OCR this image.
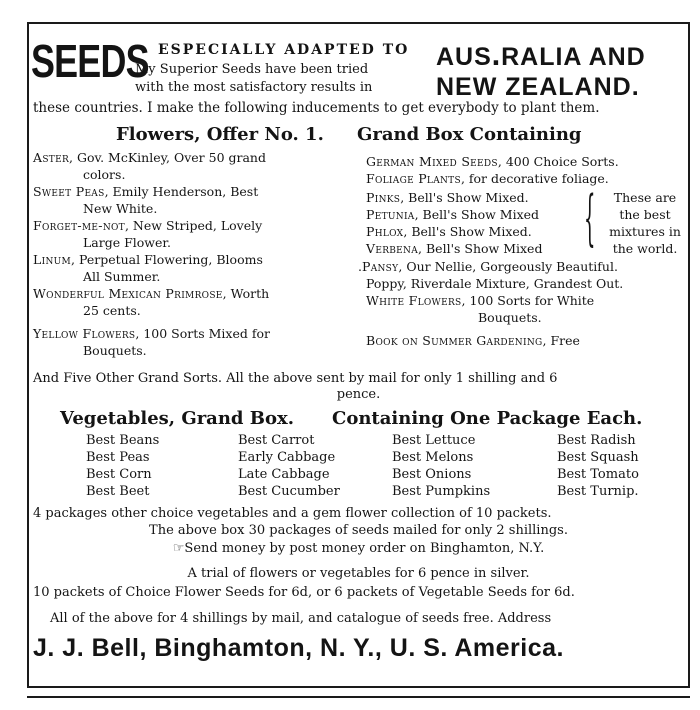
SEEDS ESPECIALLY ADAPTED TO
My Superior Seeds have been tried
with the most satisfactory results in
AUS․RALIA AND
NEW ZEALAND.
these countries. I make the following inducements to get everybody to plant them.
Flowers, Offer No. 1. Grand Box Containing
Aster, Gov. McKinley, Over 50 grand
colors.
Sweet Peas, Emily Henderson, Best
New White.
Forget-me-not, New Striped, Lovely
Large Flower.
Linum, Perpetual Flowering, Blooms
All Summer.
Wonderful Mexican Primrose, Worth
25 cents.
Yellow Flowers, 100 Sorts Mixed for
Bouquets.
German Mixed Seeds, 400 Choice Sorts.
Foliage Plants, for decorative foliage.
Pinks, Bell's Show Mixed.
Petunia, Bell's Show Mixed
Phlox, Bell's Show Mixed.
Verbena, Bell's Show Mixed {	These are
the best
mixtures in
the world.
.Pansy, Our Nellie, Gorgeously Beautiful.
Poppy, Riverdale Mixture, Grandest Out.
White Flowers, 100 Sorts for White
Bouquets.
Book on Summer Gardening, Free
And Five Other Grand Sorts. All the above sent by mail for only 1 shilling and 6
pence.
Vegetables, Grand Box. Containing One Package Each.
Best Beans
Best Peas
Best Corn
Best Beet
Best Carrot
Early Cabbage
Late Cabbage
Best Cucumber
Best Lettuce
Best Melons
Best Onions
Best Pumpkins
Best Radish
Best Squash
Best Tomato
Best Turnip.
4 packages other choice vegetables and a gem flower collection of 10 packets.
The above box 30 packages of seeds mailed for only 2 shillings.
☞Send money by post money order on Binghamton, N.Y.
A trial of flowers or vegetables for 6 pence in silver.
10 packets of Choice Flower Seeds for 6d, or 6 packets of Vegetable Seeds for 6d.
All of the above for 4 shillings by mail, and catalogue of seeds free. Address
J. J. Bell, Binghamton, N. Y., U. S. America.
